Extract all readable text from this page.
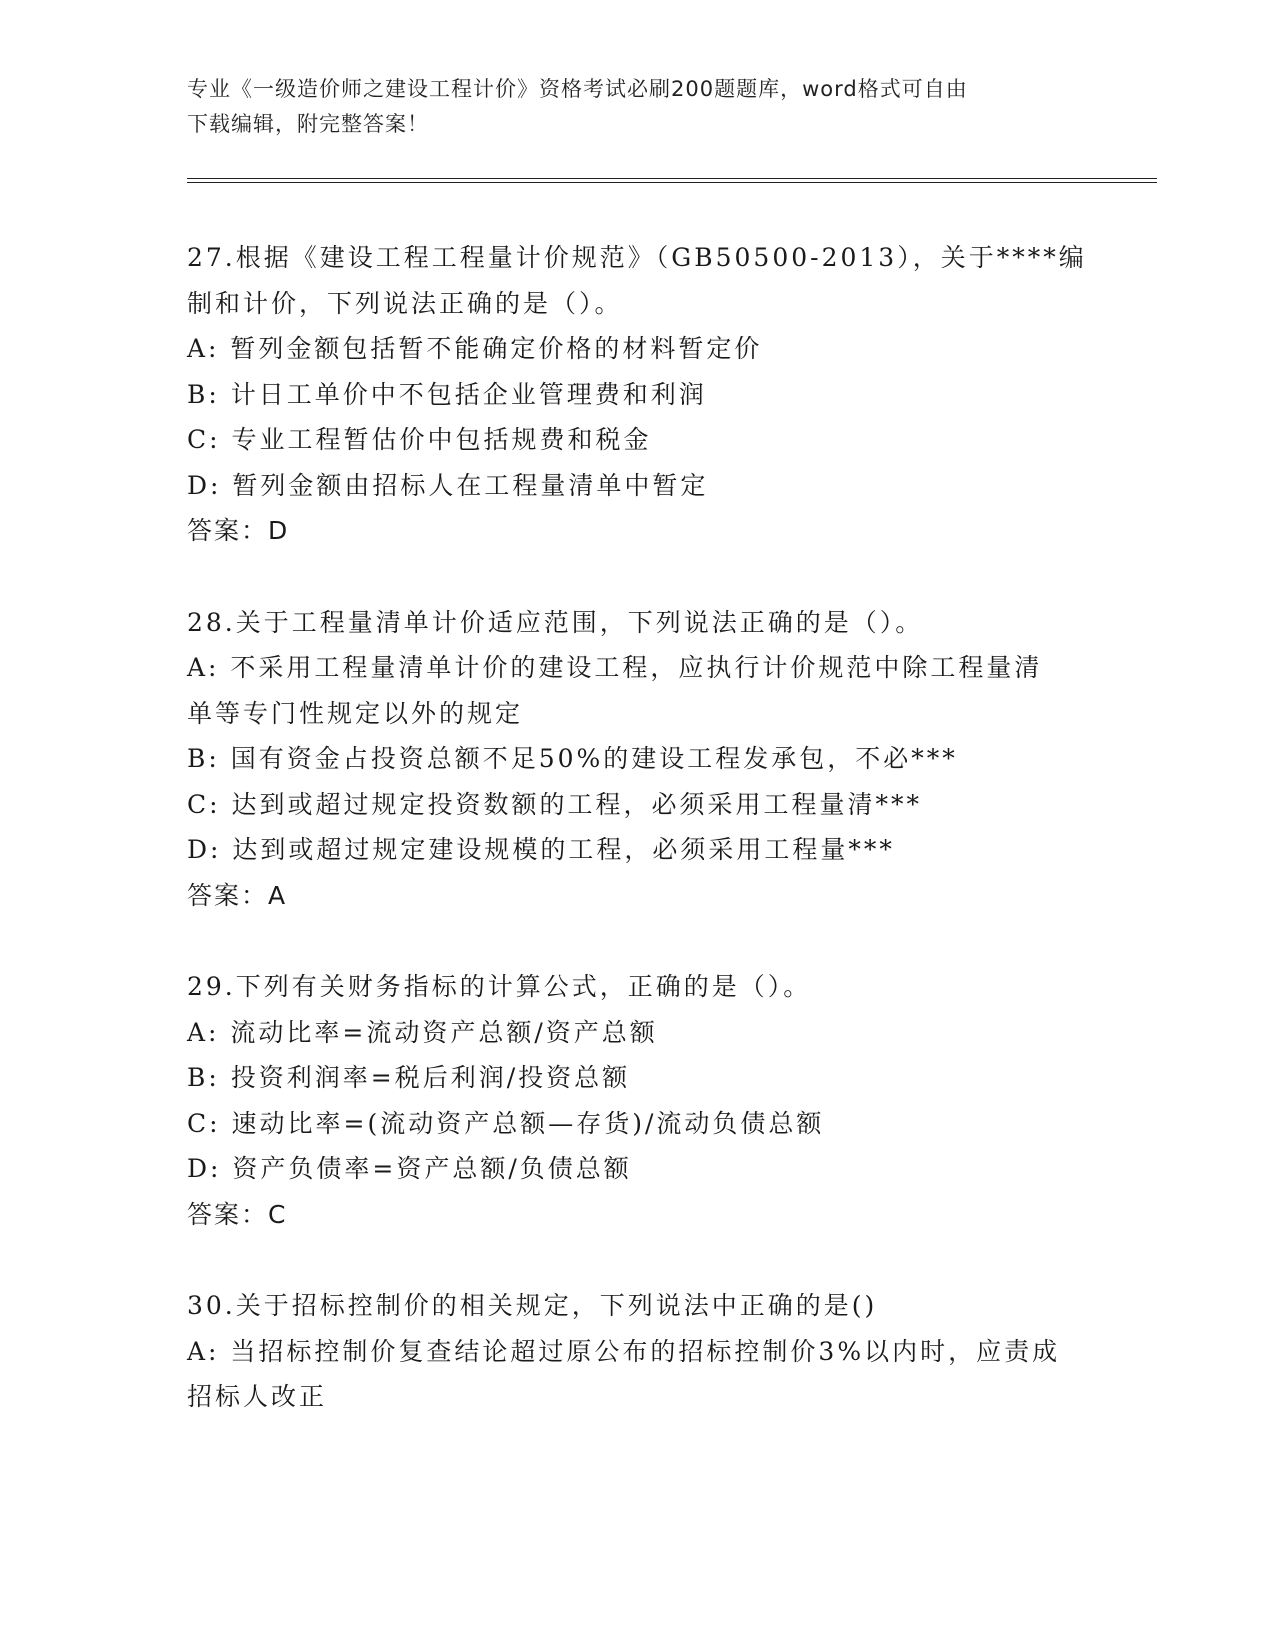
专业《一级造价师之建设工程计价》资格考试必刷200题题库，word格式可自由
下载编辑，附完整答案！
27.根据《建设工程工程量计价规范》（GB50500-2013），关于****编
制和计价，下列说法正确的是（）。
A: 暂列金额包括暂不能确定价格的材料暂定价
B: 计日工单价中不包括企业管理费和利润
C: 专业工程暂估价中包括规费和税金
D: 暂列金额由招标人在工程量清单中暂定
答案：D
28.关于工程量清单计价适应范围，下列说法正确的是（）。
A: 不采用工程量清单计价的建设工程，应执行计价规范中除工程量清
单等专门性规定以外的规定
B: 国有资金占投资总额不足50%的建设工程发承包，不必***
C: 达到或超过规定投资数额的工程，必须采用工程量清***
D: 达到或超过规定建设规模的工程，必须采用工程量***
答案：A
29.下列有关财务指标的计算公式，正确的是（）。
A: 流动比率=流动资产总额/资产总额
B: 投资利润率=税后利润/投资总额
C: 速动比率=(流动资产总额—存货)/流动负债总额
D: 资产负债率=资产总额/负债总额
答案：C
30.关于招标控制价的相关规定，下列说法中正确的是()
A: 当招标控制价复查结论超过原公布的招标控制价3%以内时，应责成
招标人改正
